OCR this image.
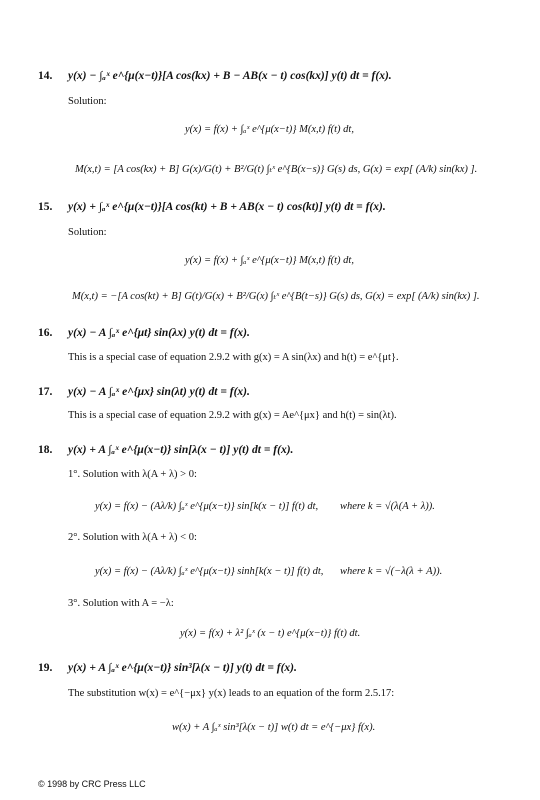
14. y(x) − ∫ₐˣ e^{μ(x−t)}[A cos(kx) + B − AB(x − t) cos(kx)] y(t) dt = f(x).
Solution:
y(x) = f(x) + ∫ₐˣ e^{μ(x−t)} M(x,t) f(t) dt,
M(x,t) = [A cos(kx) + B] G(x)/G(t) + B²/G(t) ∫ₜˣ e^{B(x−s)} G(s) ds, G(x) = exp[ (A/k) sin(kx) ].
15. y(x) + ∫ₐˣ e^{μ(x−t)}[A cos(kt) + B + AB(x − t) cos(kt)] y(t) dt = f(x).
Solution:
y(x) = f(x) + ∫ₐˣ e^{μ(x−t)} M(x,t) f(t) dt,
M(x,t) = −[A cos(kt) + B] G(t)/G(x) + B²/G(x) ∫ₜˣ e^{B(t−s)} G(s) ds, G(x) = exp[ (A/k) sin(kx) ].
16. y(x) − A ∫ₐˣ e^{μt} sin(λx) y(t) dt = f(x).
This is a special case of equation 2.9.2 with g(x) = A sin(λx) and h(t) = e^{μt}.
17. y(x) − A ∫ₐˣ e^{μx} sin(λt) y(t) dt = f(x).
This is a special case of equation 2.9.2 with g(x) = Ae^{μx} and h(t) = sin(λt).
18. y(x) + A ∫ₐˣ e^{μ(x−t)} sin[λ(x − t)] y(t) dt = f(x).
1°. Solution with λ(A + λ) > 0:
y(x) = f(x) − (Aλ/k) ∫ₐˣ e^{μ(x−t)} sin[k(x − t)] f(t) dt, where k = √(λ(A + λ)).
2°. Solution with λ(A + λ) < 0:
y(x) = f(x) − (Aλ/k) ∫ₐˣ e^{μ(x−t)} sinh[k(x − t)] f(t) dt, where k = √(−λ(λ + A)).
3°. Solution with A = −λ:
y(x) = f(x) + λ² ∫ₐˣ (x − t) e^{μ(x−t)} f(t) dt.
19. y(x) + A ∫ₐˣ e^{μ(x−t)} sin³[λ(x − t)] y(t) dt = f(x).
The substitution w(x) = e^{−μx} y(x) leads to an equation of the form 2.5.17:
w(x) + A ∫ₐˣ sin³[λ(x − t)] w(t) dt = e^{−μx} f(x).
© 1998 by CRC Press LLC
